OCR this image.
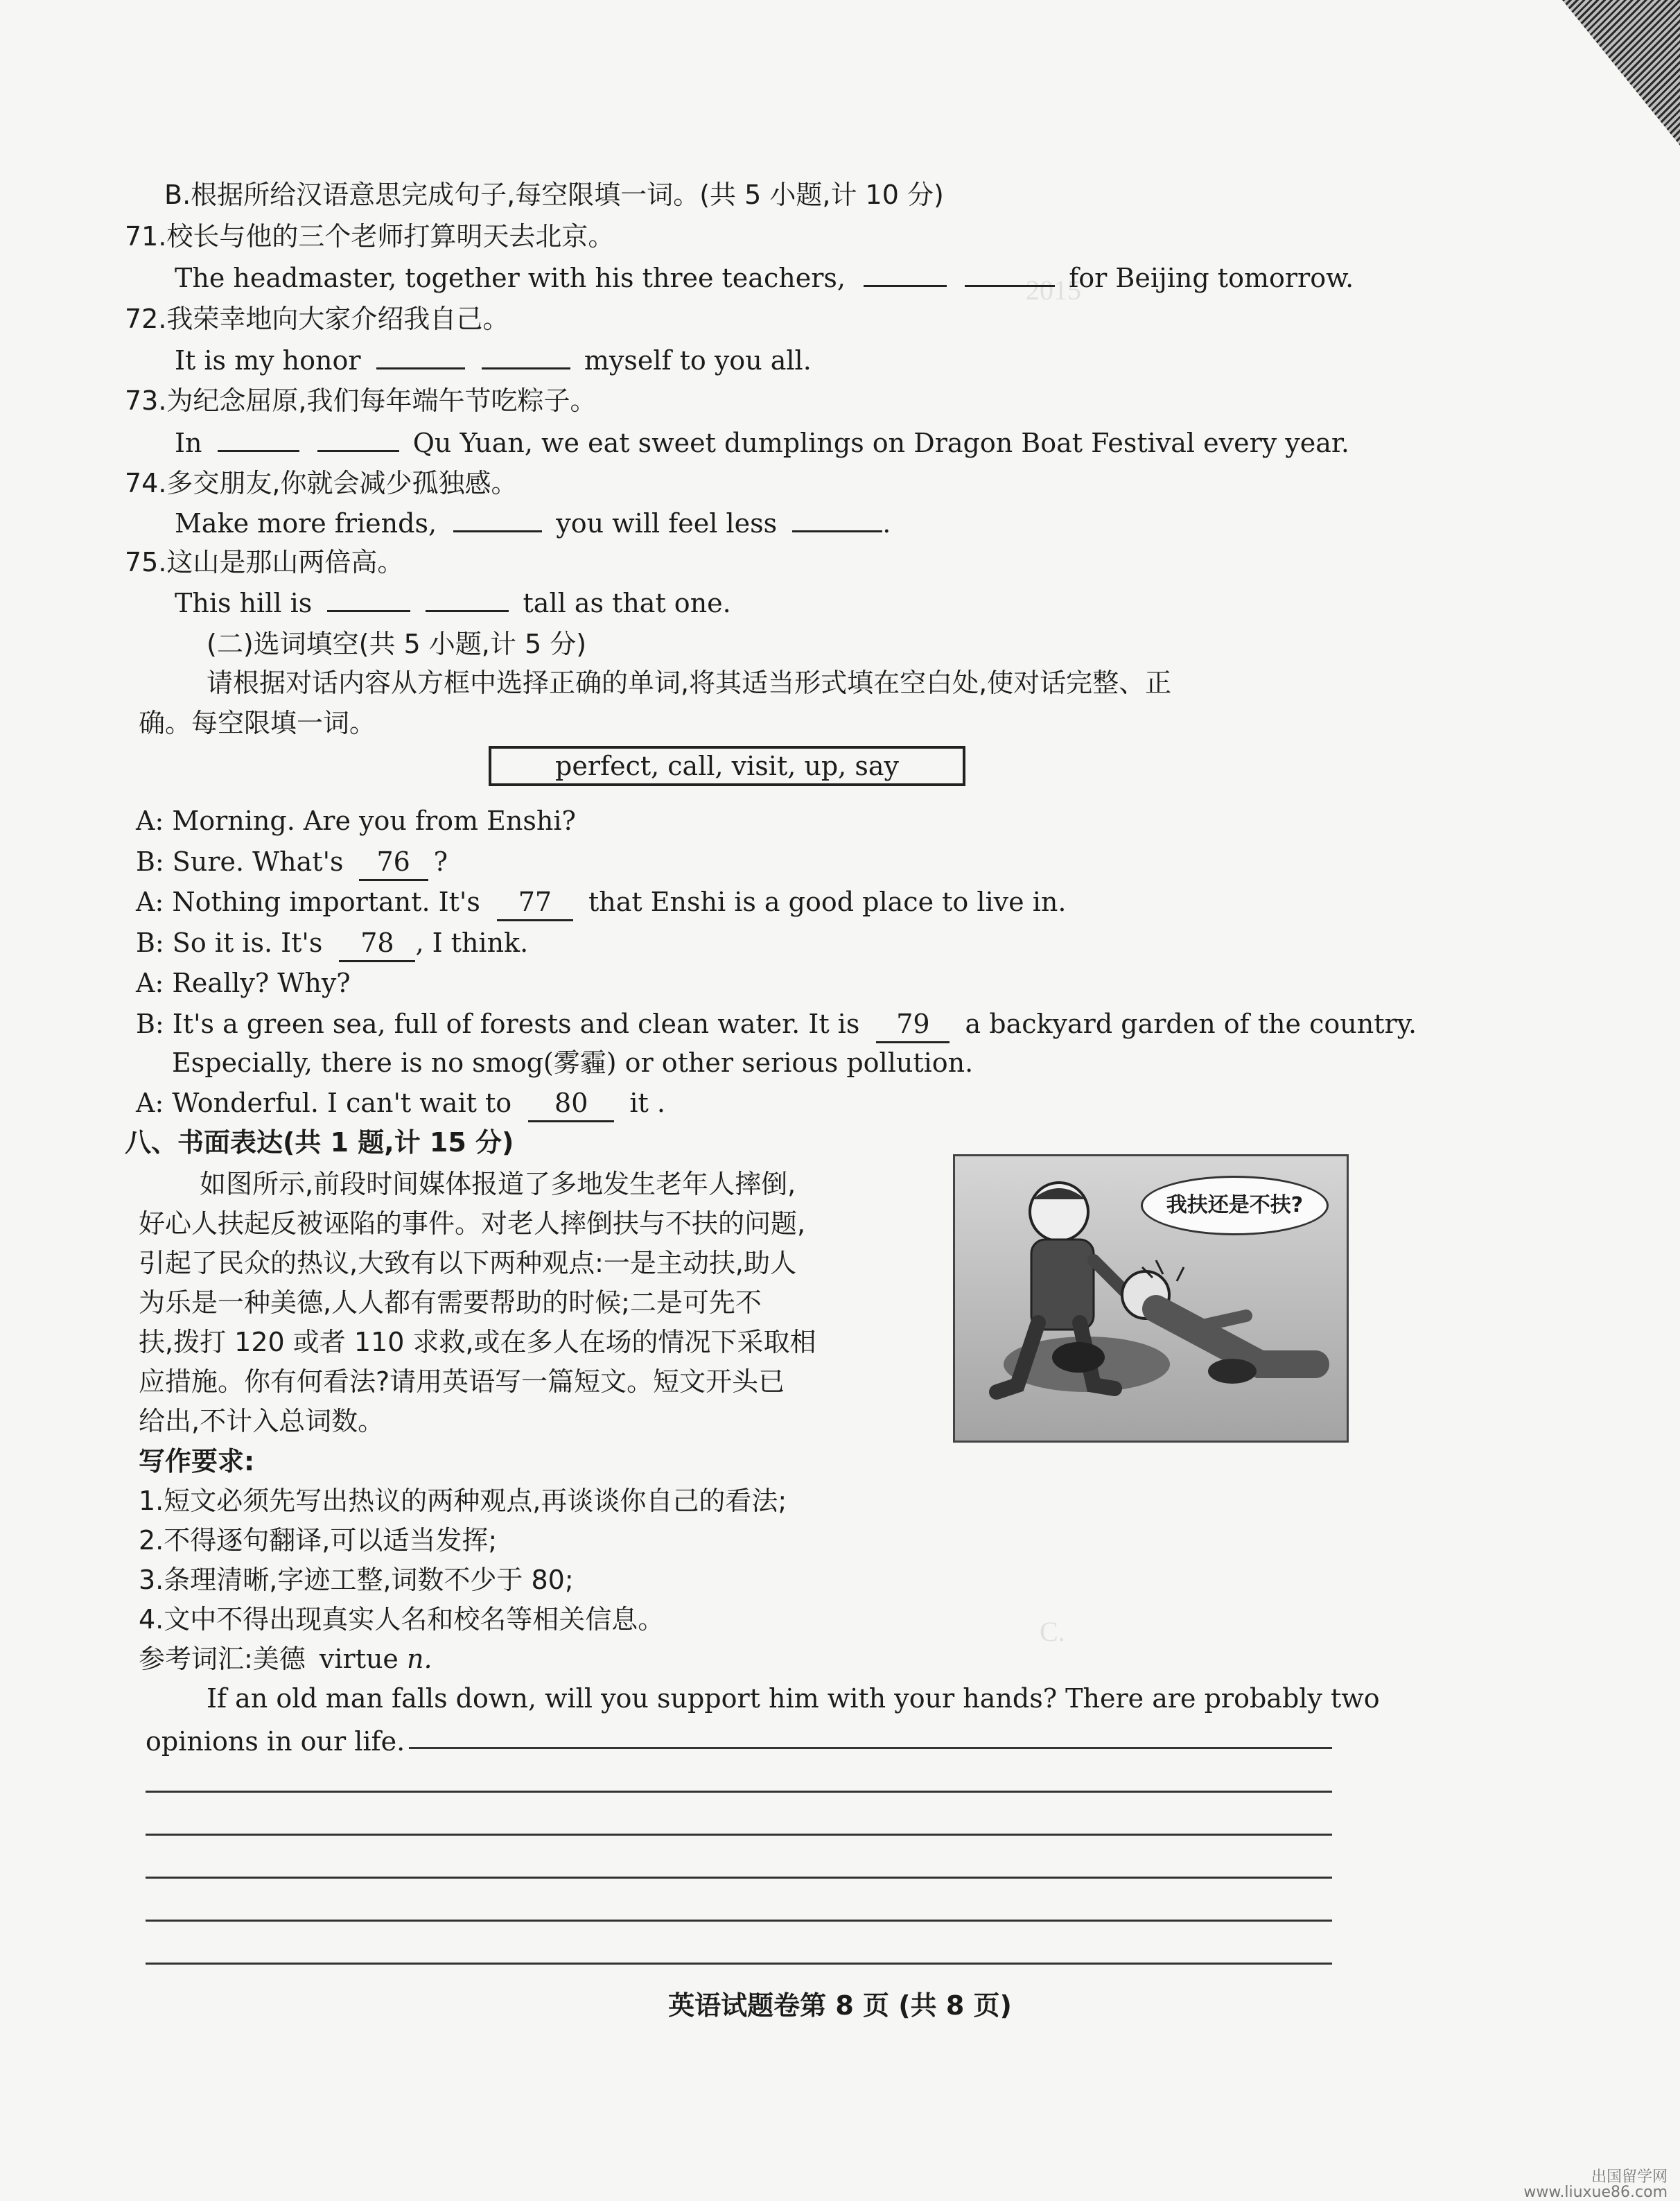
2015
C.
B.根据所给汉语意思完成句子,每空限填一词。(共 5 小题,计 10 分)
71.校长与他的三个老师打算明天去北京。
The headmaster, together with his three teachers,	for Beijing tomorrow.
72.我荣幸地向大家介绍我自己。
It is my honor	myself to you all.
73.为纪念屈原,我们每年端午节吃粽子。
In	Qu Yuan, we eat sweet dumplings on Dragon Boat Festival every year.
74.多交朋友,你就会减少孤独感。
Make more friends,	you will feel less	.
75.这山是那山两倍高。
This hill is	tall as that one.
(二)选词填空(共 5 小题,计 5 分)
请根据对话内容从方框中选择正确的单词,将其适当形式填在空白处,使对话完整、正
确。每空限填一词。
perfect, call, visit, up, say
A: Morning. Are you from Enshi?
B: Sure. What's 76 ?
A: Nothing important. It's 77 that Enshi is a good place to live in.
B: So it is. It's 78 , I think.
A: Really? Why?
B: It's a green sea, full of forests and clean water. It is 79 a backyard garden of the country.
Especially, there is no smog(雾霾) or other serious pollution.
A: Wonderful. I can't wait to 80 it .
八、书面表达(共 1 题,计 15 分)
如图所示,前段时间媒体报道了多地发生老年人摔倒,
好心人扶起反被诬陷的事件。对老人摔倒扶与不扶的问题,
引起了民众的热议,大致有以下两种观点:一是主动扶,助人
为乐是一种美德,人人都有需要帮助的时候;二是可先不
扶,拨打 120 或者 110 求救,或在多人在场的情况下采取相
应措施。你有何看法?请用英语写一篇短文。短文开头已
给出,不计入总词数。
我扶还是不扶?
写作要求:
1.短文必须先写出热议的两种观点,再谈谈你自己的看法;
2.不得逐句翻译,可以适当发挥;
3.条理清晰,字迹工整,词数不少于 80;
4.文中不得出现真实人名和校名等相关信息。
参考词汇:美德 virtue n.
If an old man falls down, will you support him with your hands? There are probably two
opinions in our life.
英语试题卷第 8 页 (共 8 页)
出国留学网
www.liuxue86.com
